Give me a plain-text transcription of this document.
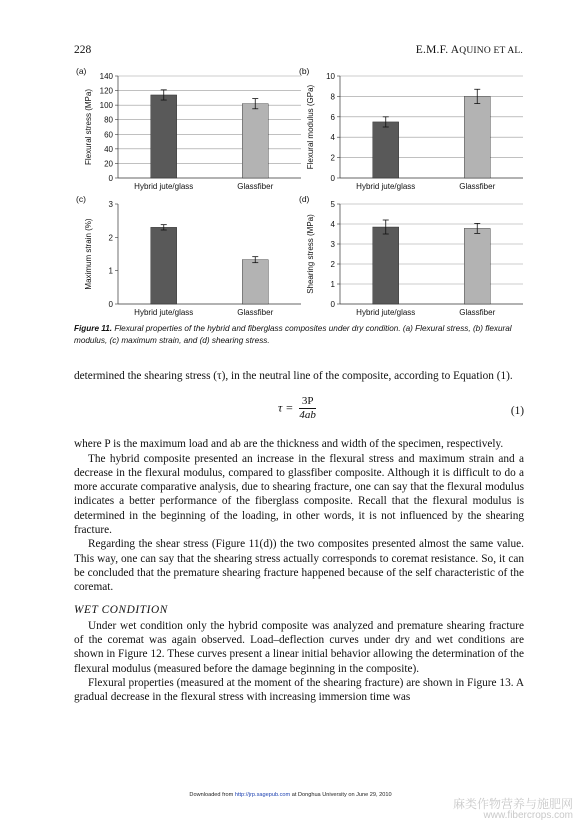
228	E.M.F. AQUINO ET AL.
(a)
0
20
40
60
80
100
120
140
Hybrid jute/glass	Glassfiber
Flexural stress (MPa)
(b)
0
2
4
6
8
10
Hybrid jute/glass	Glassfiber
Flexural modulus (GPa)
(c)
0
1
2
3
Hybrid jute/glass	Glassfiber
Maximum strain (%)
(d)
0
1
2
3
4
5
Hybrid jute/glass	Glassfiber
Shearing stress (MPa)
Figure 11. Flexural properties of the hybrid and fiberglass composites under dry condition. (a) Flexural stress, (b) flexural modulus, (c) maximum strain, and (d) shearing stress.

determined the shearing stress (τ), in the neutral line of the composite, according to Equation (1).

$\tau = \frac{3P}{4ab}$	(1)

where P is the maximum load and ab are the thickness and width of the specimen, respectively.

The hybrid composite presented an increase in the flexural stress and maximum strain and a decrease in the flexural modulus, compared to glassfiber composite. Although it is difficult to do a more accurate comparative analysis, due to shearing fracture, one can say that the flexural modulus indicates a better performance of the fiberglass composite. Recall that the flexural modulus is determined in the beginning of the loading, in other words, it is not influenced by the shearing fracture.

Regarding the shear stress (Figure 11(d)) the two composites presented almost the same value. This way, one can say that the shearing stress actually corresponds to coremat resistance. So, it can be concluded that the premature shearing fracture happened because of the self characteristic of the coremat.

WET CONDITION

Under wet condition only the hybrid composite was analyzed and premature shearing fracture of the coremat was again observed. Load–deflection curves under dry and wet conditions are shown in Figure 12. These curves present a linear initial behavior allowing the determination of the flexural modulus (measured before the damage beginning in the composite).

Flexural properties (measured at the moment of the shearing fracture) are shown in Figure 13. A gradual decrease in the flexural stress with increasing immersion time was

Downloaded from http://jrp.sagepub.com at Donghua University on June 29, 2010
麻类作物营养与施肥网
www.fibercrops.com
